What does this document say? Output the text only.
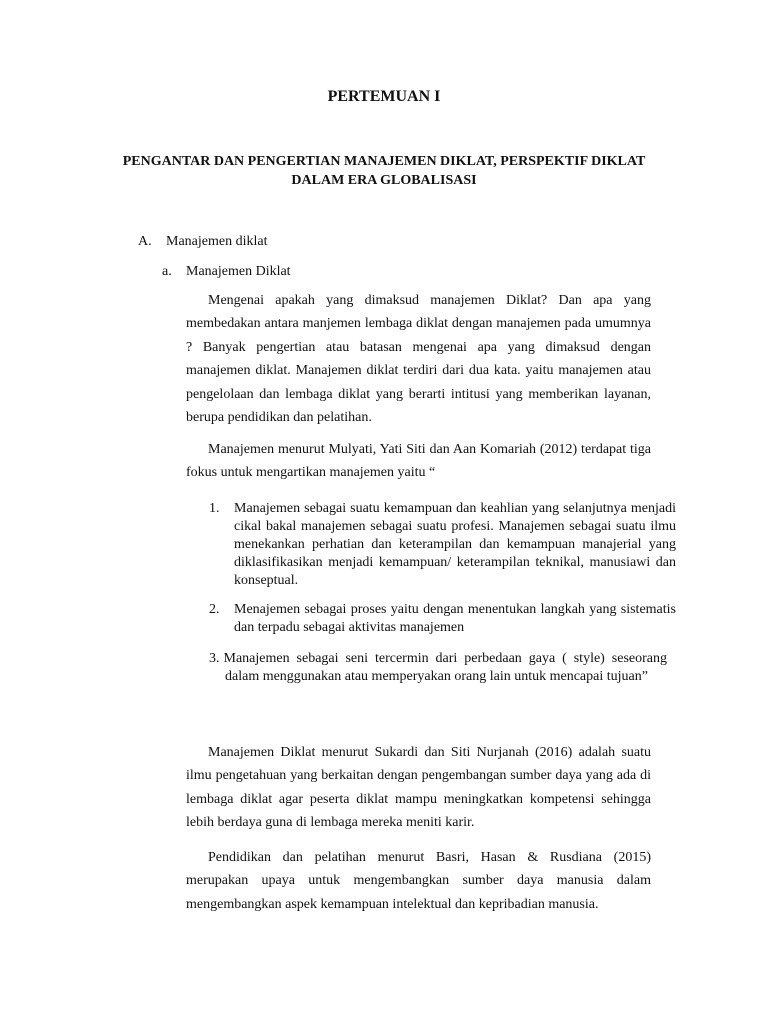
PERTEMUAN I
PENGANTAR DAN PENGERTIAN MANAJEMEN DIKLAT, PERSPEKTIF DIKLAT
DALAM ERA GLOBALISASI
A. Manajemen diklat
a. Manajemen Diklat

Mengenai apakah yang dimaksud manajemen Diklat? Dan apa yang membedakan antara manjemen lembaga diklat dengan manajemen pada umumnya ? Banyak pengertian atau batasan mengenai apa yang dimaksud dengan manajemen diklat. Manajemen diklat terdiri dari dua kata. yaitu manajemen atau pengelolaan dan lembaga diklat yang berarti intitusi yang memberikan layanan, berupa pendidikan dan pelatihan.

Manajemen menurut Mulyati, Yati Siti dan Aan Komariah (2012) terdapat tiga fokus untuk mengartikan manajemen yaitu “

1. Manajemen sebagai suatu kemampuan dan keahlian yang selanjutnya menjadi cikal bakal manajemen sebagai suatu profesi. Manajemen sebagai suatu ilmu menekankan perhatian dan keterampilan dan kemampuan manajerial yang diklasifikasikan menjadi kemampuan/ keterampilan teknikal, manusiawi dan konseptual.

2. Menajemen sebagai proses yaitu dengan menentukan langkah yang sistematis dan terpadu sebagai aktivitas manajemen

3. Manajemen sebagai seni tercermin dari perbedaan gaya ( style) seseorang dalam menggunakan atau memperyakan orang lain untuk mencapai tujuan”

Manajemen Diklat menurut Sukardi dan Siti Nurjanah (2016) adalah suatu ilmu pengetahuan yang berkaitan dengan pengembangan sumber daya yang ada di lembaga diklat agar peserta diklat mampu meningkatkan kompetensi sehingga lebih berdaya guna di lembaga mereka meniti karir.

Pendidikan dan pelatihan menurut Basri, Hasan & Rusdiana (2015) merupakan upaya untuk mengembangkan sumber daya manusia dalam mengembangkan aspek kemampuan intelektual dan kepribadian manusia.
